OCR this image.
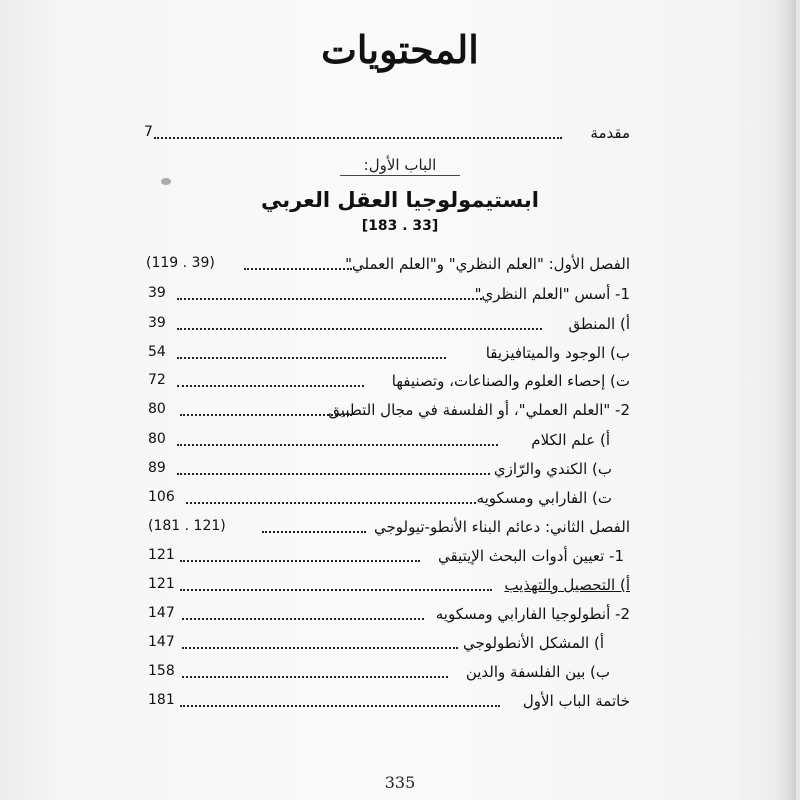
المحتويات
مقدمة
7
الباب الأول:
ابستيمولوجيا العقل العربي
[183 . 33]
الفصل الأول: "العلم النظري" و"العلم العملي"
(119 . 39)
1- أسس "العلم النظري"
39
أ) المنطق
39
ب) الوجود والميتافيزيقا
54
ت) إحصاء العلوم والصناعات، وتصنيفها
72
2- "العلم العملي"، أو الفلسفة في مجال التطبيق
80
أ) علم الكلام
80
ب) الكندي والرّازي
89
ت) الفارابي ومسكويه
106
الفصل الثاني: دعائم البناء الأنطو-تيولوجي
(181 . 121)
1- تعيين أدوات البحث الإيتيقي
121
أ) التحصيل والتهذيب
121
2- أنطولوجيا الفارابي ومسكويه
147
أ) المشكل الأنطولوجي
147
ب) بين الفلسفة والدين
158
خاتمة الباب الأول
181
335
